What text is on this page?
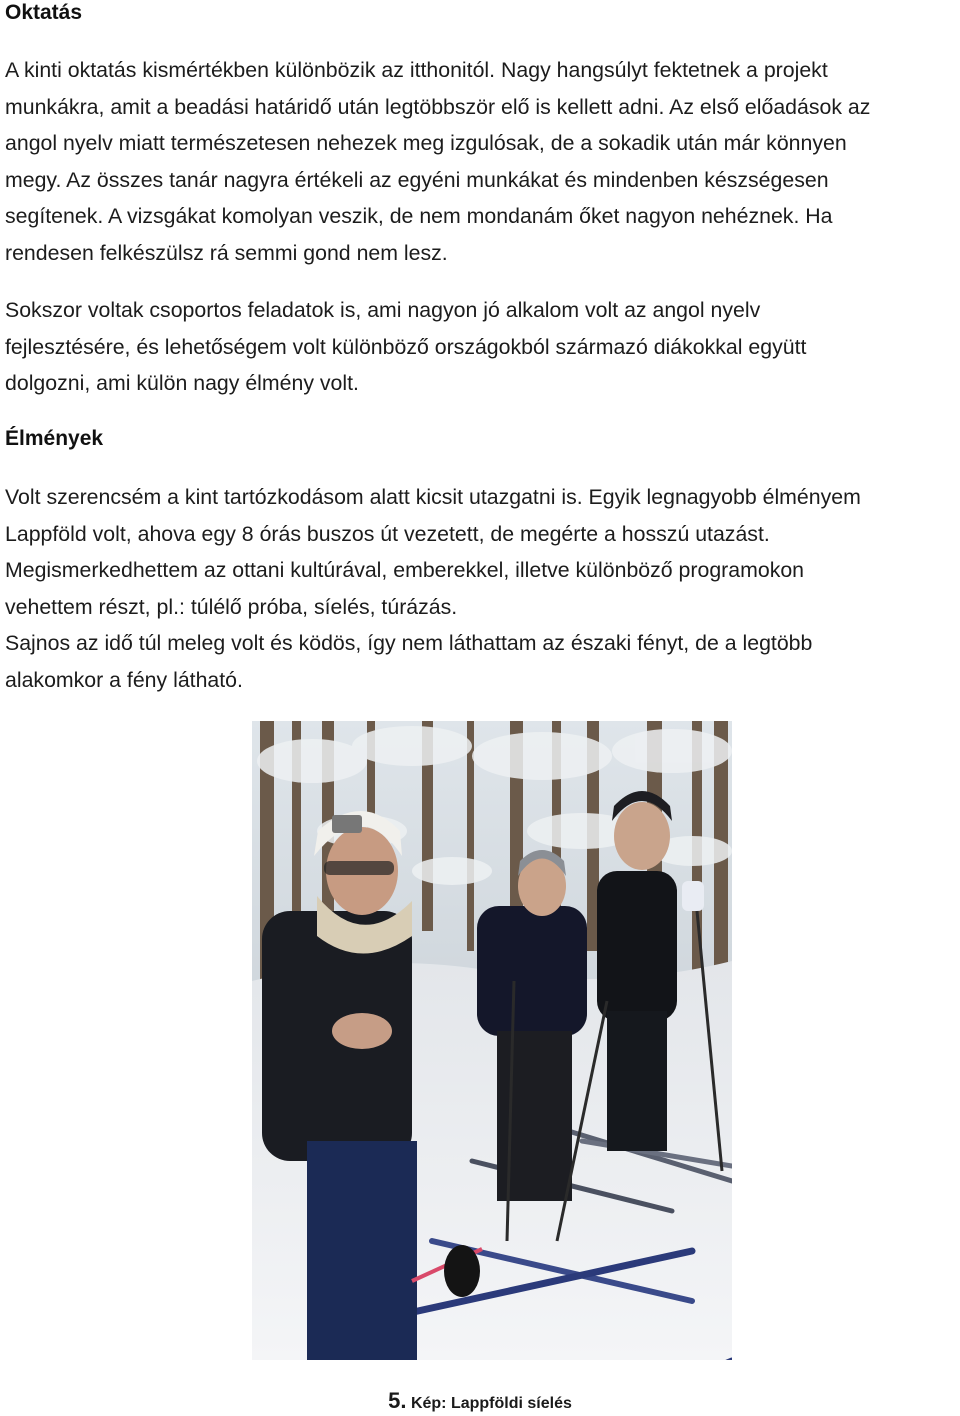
Oktatás
A kinti oktatás kismértékben különbözik az itthonitól. Nagy hangsúlyt fektetnek a projekt
munkákra, amit a beadási határidő után legtöbbször elő is kellett adni. Az első előadások az
angol nyelv miatt természetesen nehezek meg izgulósak, de a sokadik után már könnyen
megy. Az összes tanár nagyra értékeli az egyéni munkákat és mindenben készségesen
segítenek. A vizsgákat komolyan veszik, de nem mondanám őket nagyon nehéznek. Ha
rendesen felkészülsz rá semmi gond nem lesz.
Sokszor voltak csoportos feladatok is, ami nagyon jó alkalom volt az angol nyelv
fejlesztésére, és lehetőségem volt különböző országokból származó diákokkal együtt
dolgozni, ami külön nagy élmény volt.
Élmények
Volt szerencsém a kint tartózkodásom alatt kicsit utazgatni is. Egyik legnagyobb élményem
Lappföld volt, ahova egy 8 órás buszos út vezetett, de megérte a hosszú utazást.
Megismerkedhettem az ottani kultúrával, emberekkel, illetve különböző programokon
vehettem részt, pl.: túlélő próba, síelés, túrázás.
Sajnos az idő túl meleg volt és ködös, így nem láthattam az északi fényt, de a legtöbb
alakomkor a fény látható.
5. Kép: Lappföldi síelés
